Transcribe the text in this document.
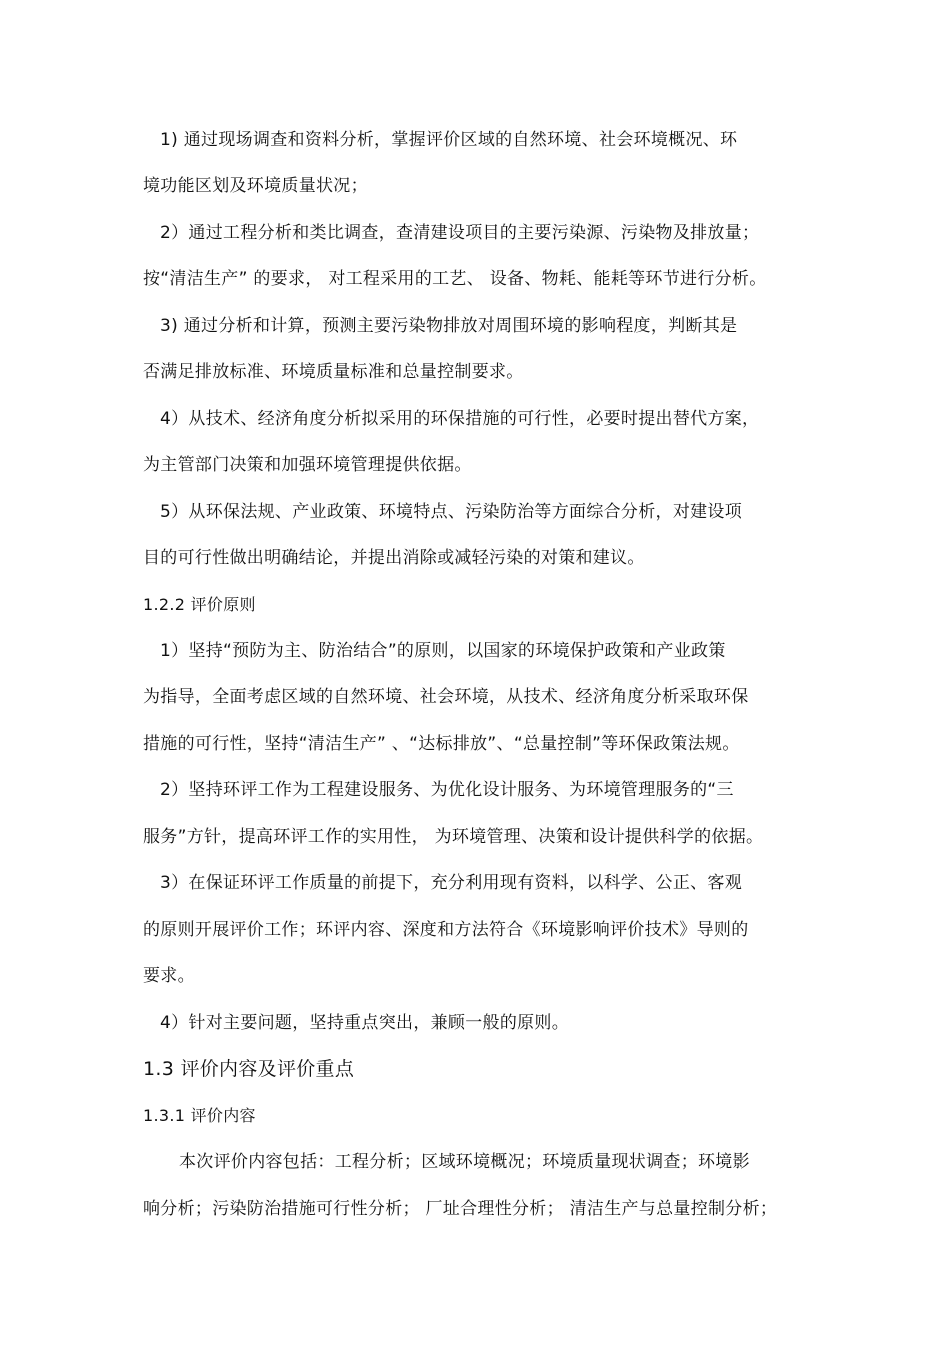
1) 通过现场调查和资料分析，掌握评价区域的自然环境、社会环境概况、环
境功能区划及环境质量状况；
2）通过工程分析和类比调查，查清建设项目的主要污染源、污染物及排放量；
按“清洁生产” 的要求， 对工程采用的工艺、 设备、物耗、能耗等环节进行分析。
3) 通过分析和计算，预测主要污染物排放对周围环境的影响程度，判断其是
否满足排放标准、环境质量标准和总量控制要求。
4）从技术、经济角度分析拟采用的环保措施的可行性，必要时提出替代方案，
为主管部门决策和加强环境管理提供依据。
5）从环保法规、产业政策、环境特点、污染防治等方面综合分析，对建设项
目的可行性做出明确结论，并提出消除或减轻污染的对策和建议。
1.2.2 评价原则
1）坚持“预防为主、防治结合”的原则，以国家的环境保护政策和产业政策
为指导，全面考虑区域的自然环境、社会环境，从技术、经济角度分析采取环保
措施的可行性，坚持“清洁生产” 、“达标排放”、“总量控制”等环保政策法规。
2）坚持环评工作为工程建设服务、为优化设计服务、为环境管理服务的“三
服务”方针，提高环评工作的实用性， 为环境管理、决策和设计提供科学的依据。
3）在保证环评工作质量的前提下，充分利用现有资料，以科学、公正、客观
的原则开展评价工作；环评内容、深度和方法符合《环境影响评价技术》导则的
要求。
4）针对主要问题，坚持重点突出，兼顾一般的原则。
1.3 评价内容及评价重点
1.3.1 评价内容
本次评价内容包括：工程分析；区域环境概况；环境质量现状调查；环境影
响分析；污染防治措施可行性分析； 厂址合理性分析； 清洁生产与总量控制分析；
